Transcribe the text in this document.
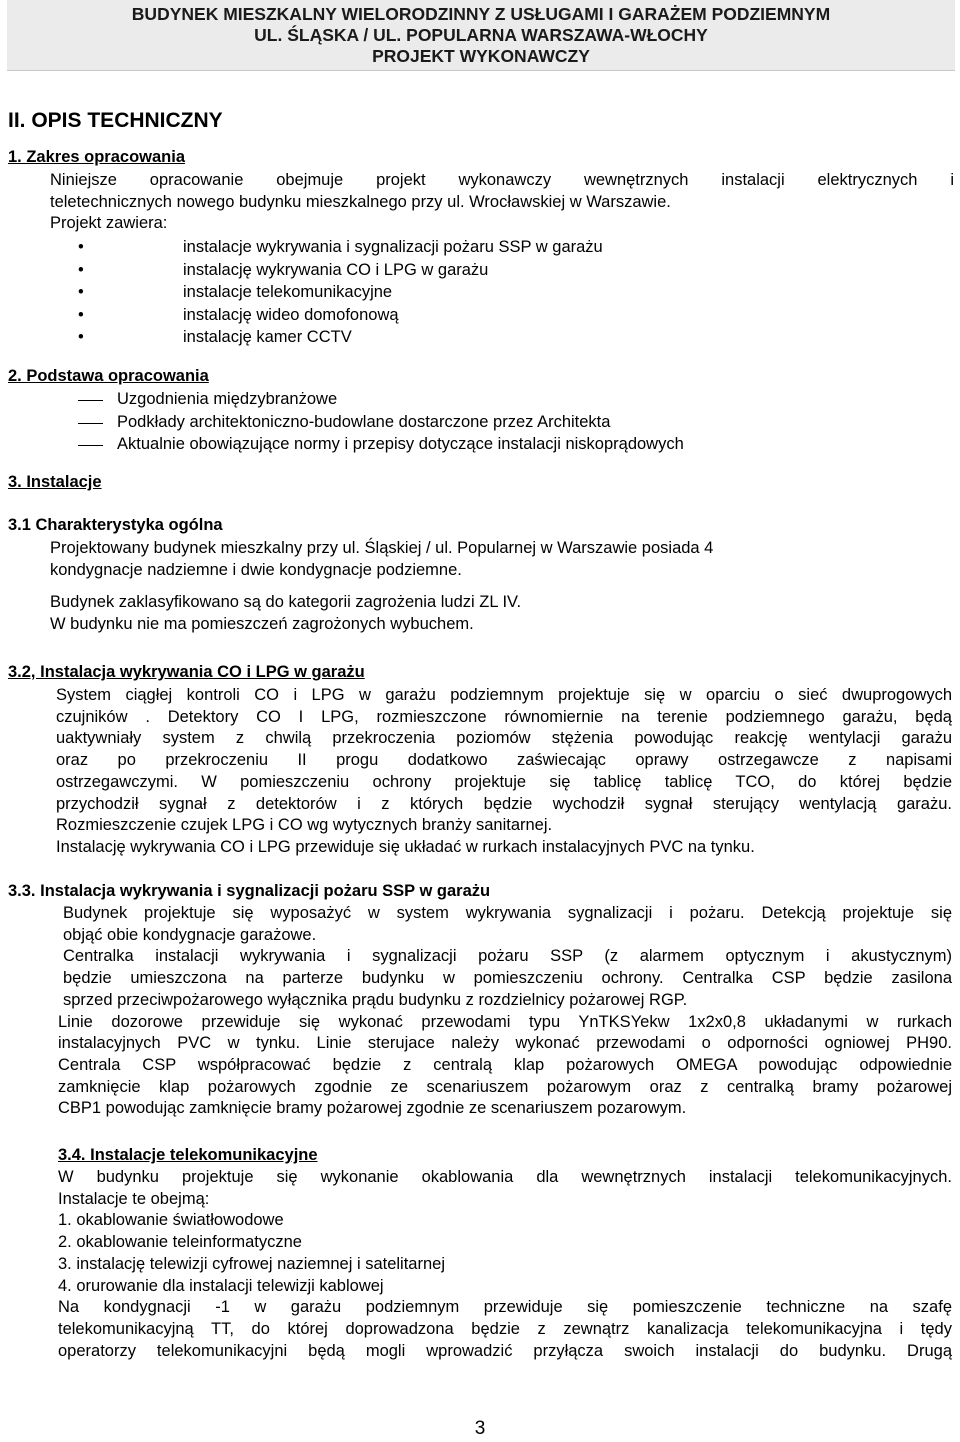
BUDYNEK MIESZKALNY WIELORODZINNY Z USŁUGAMI I GARAŻEM PODZIEMNYM
UL. ŚLĄSKA / UL. POPULARNA WARSZAWA-WŁOCHY
PROJEKT WYKONAWCZY
II. OPIS TECHNICZNY
1. Zakres opracowania
Niniejsze opracowanie obejmuje projekt wykonawczy wewnętrznych instalacji elektrycznych i
teletechnicznych nowego budynku mieszkalnego przy ul. Wrocławskiej w Warszawie.
Projekt zawiera:
•	instalacje wykrywania i sygnalizacji pożaru SSP w garażu
•	instalację wykrywania CO i LPG w garażu
•	instalacje telekomunikacyjne
•	instalację wideo domofonową
•	instalację kamer CCTV
2. Podstawa opracowania
Uzgodnienia międzybranżowe
Podkłady architektoniczno-budowlane dostarczone przez Architekta
Aktualnie obowiązujące normy i przepisy dotyczące instalacji niskoprądowych
3. Instalacje
3.1 Charakterystyka ogólna
Projektowany budynek mieszkalny przy ul. Śląskiej / ul. Popularnej w Warszawie posiada 4
kondygnacje nadziemne i dwie kondygnacje podziemne.
Budynek zaklasyfikowano są do kategorii zagrożenia ludzi ZL IV.
W budynku nie ma pomieszczeń zagrożonych wybuchem.
3.2, Instalacja wykrywania CO i LPG w garażu
System ciągłej kontroli CO i LPG w garażu podziemnym projektuje się w oparciu o sieć dwuprogowych
czujników . Detektory CO I LPG, rozmieszczone równomiernie na terenie podziemnego garażu, będą
uaktywniały system z chwilą przekroczenia poziomów stężenia powodując reakcję wentylacji garażu
oraz po przekroczeniu II progu dodatkowo zaświecając oprawy ostrzegawcze z napisami
ostrzegawczymi. W pomieszczeniu ochrony projektuje się tablicę tablicę TCO, do której będzie
przychodził sygnał z detektorów i z których będzie wychodził sygnał sterujący wentylacją garażu.
Rozmieszczenie czujek LPG i CO wg wytycznych branży sanitarnej.
Instalację wykrywania CO i LPG przewiduje się układać w rurkach instalacyjnych PVC na tynku.
3.3. Instalacja wykrywania i sygnalizacji pożaru SSP w garażu
Budynek projektuje się wyposażyć w system wykrywania sygnalizacji i pożaru. Detekcją projektuje się
objąć obie kondygnacje garażowe.
Centralka instalacji wykrywania i sygnalizacji pożaru SSP (z alarmem optycznym i akustycznym)
będzie umieszczona na parterze budynku w pomieszczeniu ochrony. Centralka CSP będzie zasilona
sprzed przeciwpożarowego wyłącznika prądu budynku z rozdzielnicy pożarowej RGP.
Linie dozorowe przewiduje się wykonać przewodami typu YnTKSYekw 1x2x0,8 układanymi w rurkach
instalacyjnych PVC w tynku. Linie sterujace należy wykonać przewodami o odporności ogniowej PH90.
Centrala CSP współpracować będzie z centralą klap pożarowych OMEGA powodując odpowiednie
zamknięcie klap pożarowych zgodnie ze scenariuszem pożarowym oraz z centralką bramy pożarowej
CBP1 powodując zamknięcie bramy pożarowej zgodnie ze scenariuszem pozarowym.
3.4. Instalacje telekomunikacyjne
W budynku projektuje się wykonanie okablowania dla wewnętrznych instalacji telekomunikacyjnych.
Instalacje te obejmą:
1. okablowanie światłowodowe
2. okablowanie teleinformatyczne
3. instalację telewizji cyfrowej naziemnej i satelitarnej
4. orurowanie dla instalacji telewizji kablowej
Na kondygnacji -1 w garażu podziemnym przewiduje się pomieszczenie techniczne na szafę
telekomunikacyjną TT, do której doprowadzona będzie z zewnątrz kanalizacja telekomunikacyjna i tędy
operatorzy telekomunikacyjni będą mogli wprowadzić przyłącza swoich instalacji do budynku. Drugą
3
